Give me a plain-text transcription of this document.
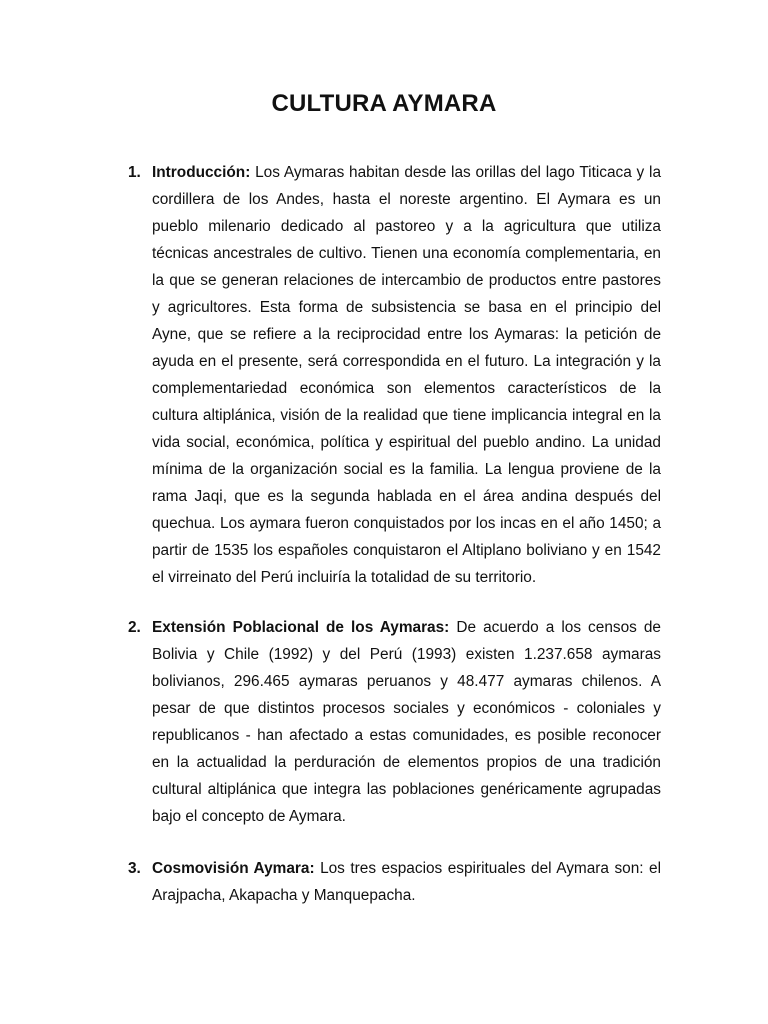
CULTURA AYMARA
1. Introducción: Los Aymaras habitan desde las orillas del lago Titicaca y la cordillera de los Andes, hasta el noreste argentino. El Aymara es un pueblo milenario dedicado al pastoreo y a la agricultura que utiliza técnicas ancestrales de cultivo. Tienen una economía complementaria, en la que se generan relaciones de intercambio de productos entre pastores y agricultores. Esta forma de subsistencia se basa en el principio del Ayne, que se refiere a la reciprocidad entre los Aymaras: la petición de ayuda en el presente, será correspondida en el futuro. La integración y la complementariedad económica son elementos característicos de la cultura altiplánica, visión de la realidad que tiene implicancia integral en la vida social, económica, política y espiritual del pueblo andino. La unidad mínima de la organización social es la familia. La lengua proviene de la rama Jaqi, que es la segunda hablada en el área andina después del quechua. Los aymara fueron conquistados por los incas en el año 1450; a partir de 1535 los españoles conquistaron el Altiplano boliviano y en 1542 el virreinato del Perú incluiría la totalidad de su territorio.
2. Extensión Poblacional de los Aymaras: De acuerdo a los censos de Bolivia y Chile (1992) y del Perú (1993) existen 1.237.658 aymaras bolivianos, 296.465 aymaras peruanos y 48.477 aymaras chilenos. A pesar de que distintos procesos sociales y económicos - coloniales y republicanos - han afectado a estas comunidades, es posible reconocer en la actualidad la perduración de elementos propios de una tradición cultural altiplánica que integra las poblaciones genéricamente agrupadas bajo el concepto de Aymara.
3. Cosmovisión Aymara: Los tres espacios espirituales del Aymara son: el Arajpacha, Akapacha y Manquepacha.
